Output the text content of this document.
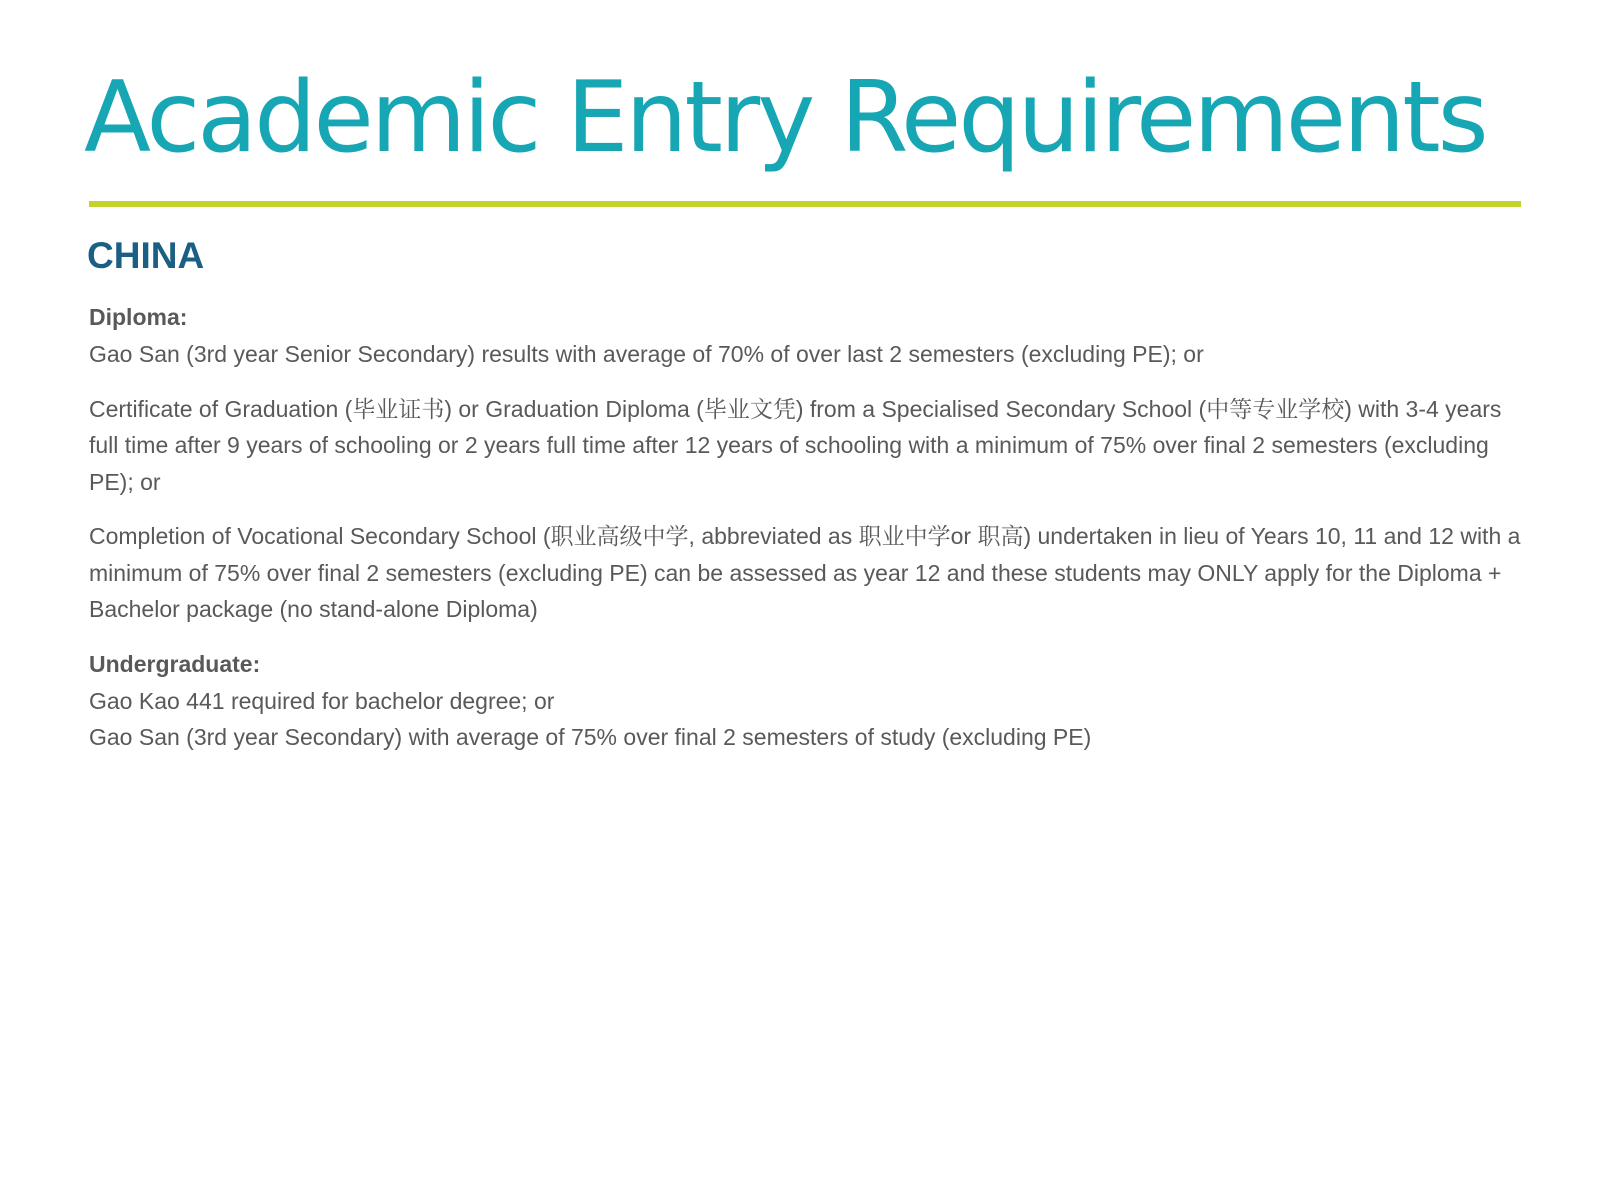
Academic Entry Requirements
CHINA

Diploma:

Gao San (3rd year Senior Secondary) results with average of 70% of over last 2 semesters (excluding PE); or

Certificate of Graduation (毕业证书) or Graduation Diploma (毕业文凭) from a Specialised Secondary School (中等专业学校) with 3-4 years full time after 9 years of schooling or 2 years full time after 12 years of schooling with a minimum of 75% over final 2 semesters (excluding PE); or

Completion of Vocational Secondary School (职业高级中学, abbreviated as 职业中学or 职高) undertaken in lieu of Years 10, 11 and 12 with a minimum of 75% over final 2 semesters (excluding PE) can be assessed as year 12 and these students may ONLY apply for the Diploma + Bachelor package (no stand-alone Diploma)

Undergraduate:

Gao Kao 441 required for bachelor degree; or

Gao San (3rd year Secondary) with average of 75% over final 2 semesters of study (excluding PE)
